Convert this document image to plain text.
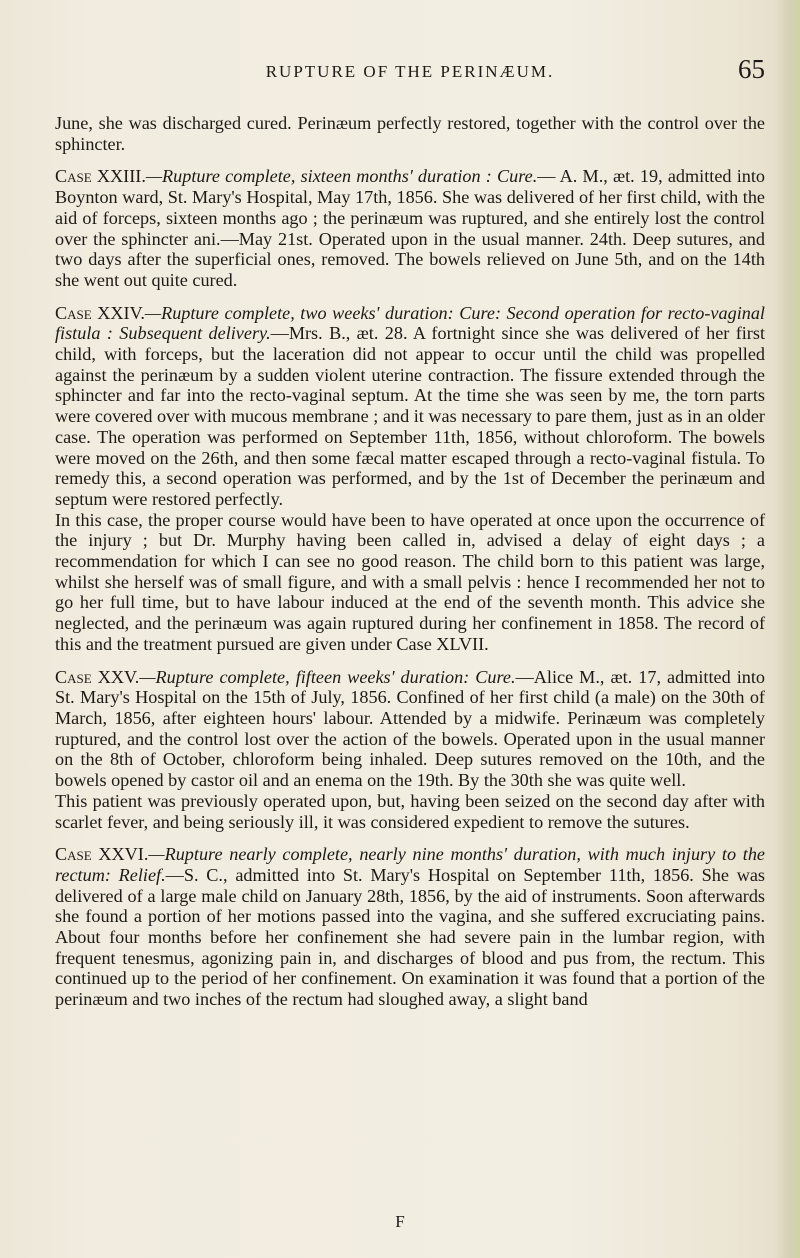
RUPTURE OF THE PERINÆUM.	65

June, she was discharged cured. Perinæum perfectly restored, together with the control over the sphincter.

Case XXIII.—Rupture complete, sixteen months' duration : Cure.— A. M., æt. 19, admitted into Boynton ward, St. Mary's Hospital, May 17th, 1856. She was delivered of her first child, with the aid of forceps, sixteen months ago ; the perinæum was ruptured, and she entirely lost the control over the sphincter ani.—May 21st. Operated upon in the usual manner. 24th. Deep sutures, and two days after the superficial ones, removed. The bowels relieved on June 5th, and on the 14th she went out quite cured.

Case XXIV.—Rupture complete, two weeks' duration: Cure: Second operation for recto-vaginal fistula : Subsequent delivery.—Mrs. B., æt. 28. A fortnight since she was delivered of her first child, with forceps, but the laceration did not appear to occur until the child was propelled against the perinæum by a sudden violent uterine contraction. The fissure extended through the sphincter and far into the recto-vaginal septum. At the time she was seen by me, the torn parts were covered over with mucous membrane ; and it was necessary to pare them, just as in an older case. The operation was performed on September 11th, 1856, without chloroform. The bowels were moved on the 26th, and then some fæcal matter escaped through a recto-vaginal fistula. To remedy this, a second operation was performed, and by the 1st of December the perinæum and septum were restored perfectly.

In this case, the proper course would have been to have operated at once upon the occurrence of the injury ; but Dr. Murphy having been called in, advised a delay of eight days ; a recommendation for which I can see no good reason. The child born to this patient was large, whilst she herself was of small figure, and with a small pelvis : hence I recommended her not to go her full time, but to have labour induced at the end of the seventh month. This advice she neglected, and the perinæum was again ruptured during her confinement in 1858. The record of this and the treatment pursued are given under Case XLVII.

Case XXV.—Rupture complete, fifteen weeks' duration: Cure.—Alice M., æt. 17, admitted into St. Mary's Hospital on the 15th of July, 1856. Confined of her first child (a male) on the 30th of March, 1856, after eighteen hours' labour. Attended by a midwife. Perinæum was completely ruptured, and the control lost over the action of the bowels. Operated upon in the usual manner on the 8th of October, chloroform being inhaled. Deep sutures removed on the 10th, and the bowels opened by castor oil and an enema on the 19th. By the 30th she was quite well.

This patient was previously operated upon, but, having been seized on the second day after with scarlet fever, and being seriously ill, it was considered expedient to remove the sutures.

Case XXVI.—Rupture nearly complete, nearly nine months' duration, with much injury to the rectum: Relief.—S. C., admitted into St. Mary's Hospital on September 11th, 1856. She was delivered of a large male child on January 28th, 1856, by the aid of instruments. Soon afterwards she found a portion of her motions passed into the vagina, and she suffered excruciating pains. About four months before her confinement she had severe pain in the lumbar region, with frequent tenesmus, agonizing pain in, and discharges of blood and pus from, the rectum. This continued up to the period of her confinement. On examination it was found that a portion of the perinæum and two inches of the rectum had sloughed away, a slight band

F
